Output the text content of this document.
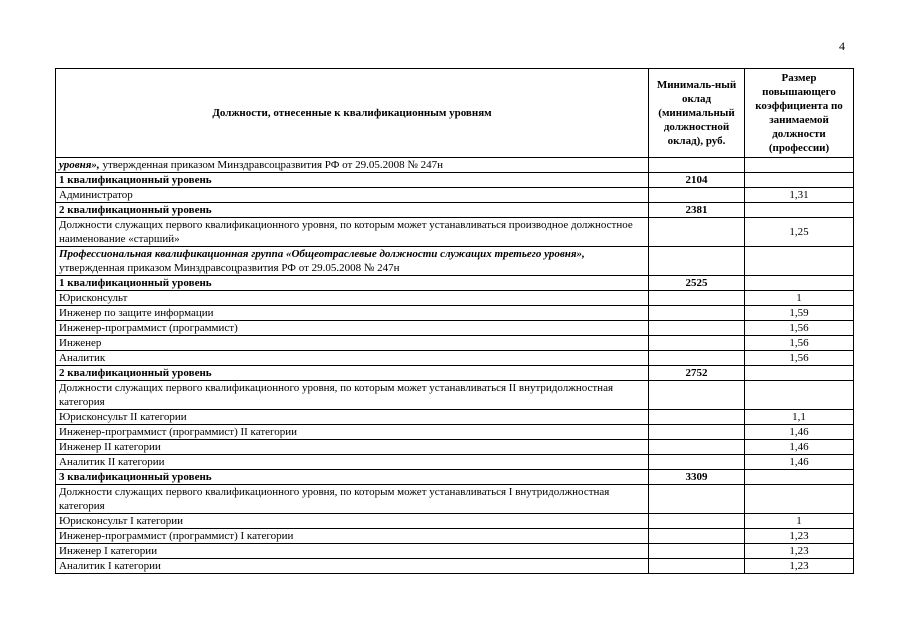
4
Должности, отнесенные к квалификационным уровням	Минималь-ный оклад (минимальный должностной оклад), руб.	Размер повышающего коэффициента по занимаемой должности (профессии)
уровня», утвержденная приказом Минздравсоцразвития РФ от 29.05.2008 № 247н		
1 квалификационный уровень	2104	
Администратор		1,31
2 квалификационный уровень	2381	
Должности служащих первого квалификационного уровня, по которым может устанавливаться производное должностное наименование «старший»		1,25
Профессиональная квалификационная группа «Общеотраслевые должности служащих третьего уровня», утвержденная приказом Минздравсоцразвития РФ от 29.05.2008 № 247н		
1 квалификационный уровень	2525	
Юрисконсульт		1
Инженер по защите информации		1,59
Инженер-программист (программист)		1,56
Инженер		1,56
Аналитик		1,56
2 квалификационный уровень	2752	
Должности служащих первого квалификационного уровня, по которым может устанавливаться II внутридолжностная категория		
Юрисконсульт II категории		1,1
Инженер-программист (программист) II категории		1,46
Инженер II категории		1,46
Аналитик II категории		1,46
3 квалификационный уровень	3309	
Должности служащих первого квалификационного уровня, по которым может устанавливаться I внутридолжностная категория		
Юрисконсульт I категории		1
Инженер-программист (программист) I категории		1,23
Инженер I категории		1,23
Аналитик I категории		1,23
